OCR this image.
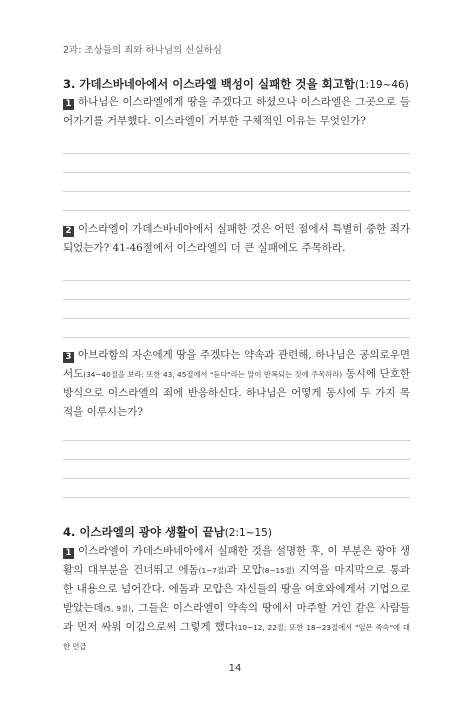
2과: 조상들의 죄와 하나님의 신실하심
3. 가데스바네아에서 이스라엘 백성이 실패한 것을 회고함(1:19~46)
1 하나님은 이스라엘에게 땅을 주겠다고 하셨으나 이스라엘은 그곳으로 들어가기를 거부했다. 이스라엘이 거부한 구체적인 이유는 무엇인가?
2 이스라엘이 가데스바네아에서 실패한 것은 어떤 점에서 특별히 중한 죄가 되었는가? 41-46절에서 이스라엘의 더 큰 실패에도 주목하라.
3 아브라함의 자손에게 땅을 주겠다는 약속과 관련해, 하나님은 공의로우면서도(34~40절을 보라: 또한 43, 45절에서 "듣다"라는 말이 반복되는 것에 주목하라) 동시에 단호한 방식으로 이스라엘의 죄에 반응하신다. 하나님은 어떻게 동시에 두 가지 목적을 이루시는가?
4. 이스라엘의 광야 생활이 끝남(2:1~15)
1 이스라엘이 가데스바네아에서 실패한 것을 설명한 후, 이 부분은 광야 생활의 대부분을 건너뛰고 에돔(1~7절)과 모압(8~15절) 지역을 마지막으로 통과한 내용으로 넘어간다. 에돔과 모압은 자신들의 땅을 여호와에게서 기업으로 받았는데(5, 9절), 그들은 이스라엘이 약속의 땅에서 마주할 거인 같은 사람들과 먼저 싸워 이김으로써 그렇게 했다(10~12, 22절; 또한 18~23절에서 "임몬 족속"에 대한 언급
14
